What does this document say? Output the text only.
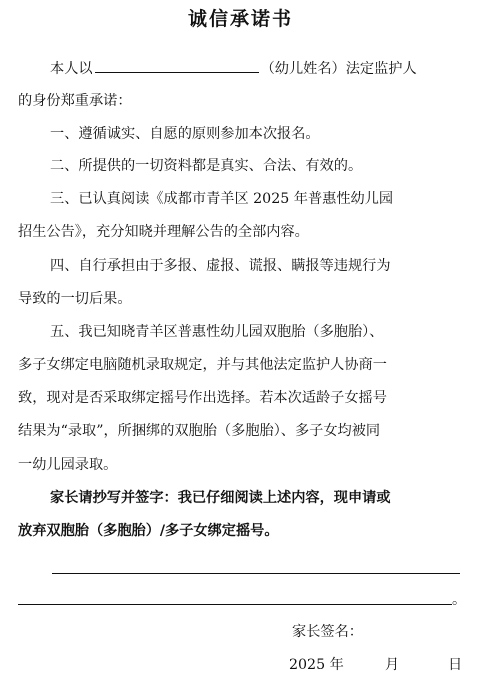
诚信承诺书
本人以	（幼儿姓名）法定监护人
的身份郑重承诺：
一、遵循诚实、自愿的原则参加本次报名。
二、所提供的一切资料都是真实、合法、有效的。
三、已认真阅读《成都市青羊区 2025 年普惠性幼儿园
招生公告》，充分知晓并理解公告的全部内容。
四、自行承担由于多报、虚报、谎报、瞒报等违规行为
导致的一切后果。
五、我已知晓青羊区普惠性幼儿园双胞胎（多胞胎）、
多子女绑定电脑随机录取规定，并与其他法定监护人协商一
致，现对是否采取绑定摇号作出选择。若本次适龄子女摇号
结果为“录取”，所捆绑的双胞胎（多胞胎）、多子女均被同
一幼儿园录取。
家长请抄写并签字：我已仔细阅读上述内容，现申请或
放弃双胞胎（多胞胎）/多子女绑定摇号。
。
家长签名：
2025 年	月	日
